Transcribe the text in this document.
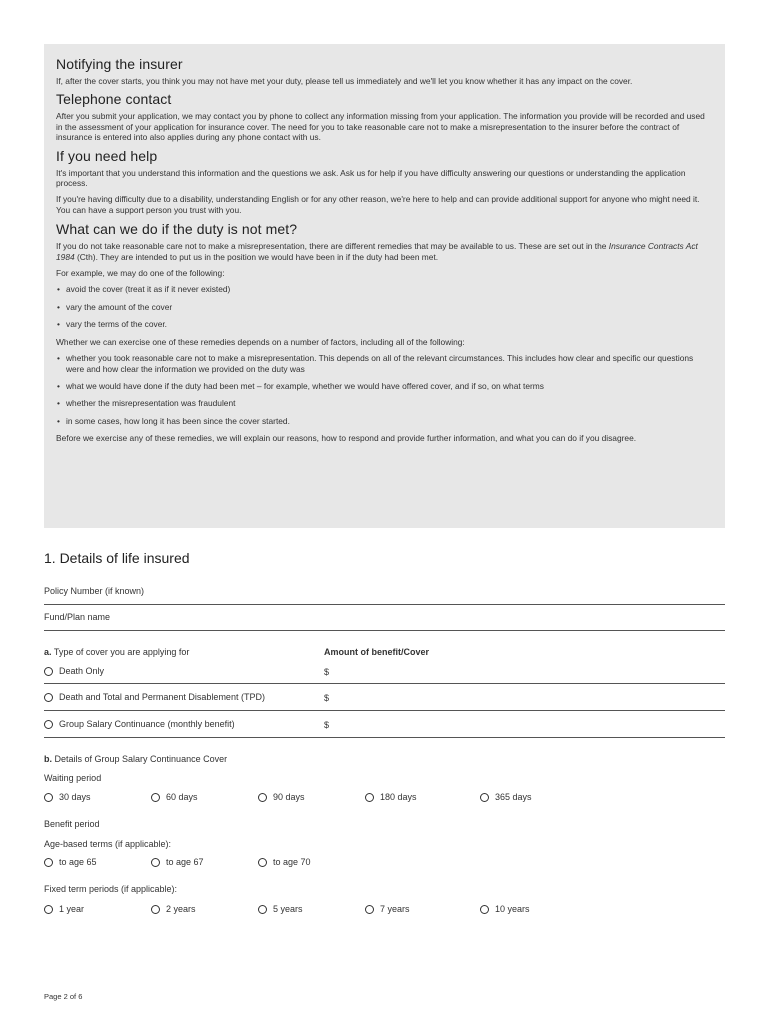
Notifying the insurer

If, after the cover starts, you think you may not have met your duty, please tell us immediately and we'll let you know whether it has any impact on the cover.

Telephone contact

After you submit your application, we may contact you by phone to collect any information missing from your application. The information you provide will be recorded and used in the assessment of your application for insurance cover. The need for you to take reasonable care not to make a misrepresentation to the insurer before the contract of insurance is entered into also applies during any phone contact with us.

If you need help

It's important that you understand this information and the questions we ask. Ask us for help if you have difficulty answering our questions or understanding the application process.

If you're having difficulty due to a disability, understanding English or for any other reason, we're here to help and can provide additional support for anyone who might need it. You can have a support person you trust with you.

What can we do if the duty is not met?

If you do not take reasonable care not to make a misrepresentation, there are different remedies that may be available to us. These are set out in the Insurance Contracts Act 1984 (Cth). They are intended to put us in the position we would have been in if the duty had been met.

For example, we may do one of the following:

• avoid the cover (treat it as if it never existed)
• vary the amount of the cover
• vary the terms of the cover.

Whether we can exercise one of these remedies depends on a number of factors, including all of the following:

• whether you took reasonable care not to make a misrepresentation. This depends on all of the relevant circumstances. This includes how clear and specific our questions were and how clear the information we provided on the duty was
• what we would have done if the duty had been met – for example, whether we would have offered cover, and if so, on what terms
• whether the misrepresentation was fraudulent
• in some cases, how long it has been since the cover started.

Before we exercise any of these remedies, we will explain our reasons, how to respond and provide further information, and what you can do if you disagree.

1. Details of life insured
Policy Number (if known)
Fund/Plan name
a. Type of cover you are applying for	Amount of benefit/Cover
Death Only	$
Death and Total and Permanent Disablement (TPD)	$
Group Salary Continuance (monthly benefit)	$
b. Details of Group Salary Continuance Cover
Waiting period
30 days	60 days	90 days	180 days	365 days
Benefit period
Age-based terms (if applicable):
to age 65	to age 67	to age 70
Fixed term periods (if applicable):
1 year	2 years	5 years	7 years	10 years
Page 2 of 6
